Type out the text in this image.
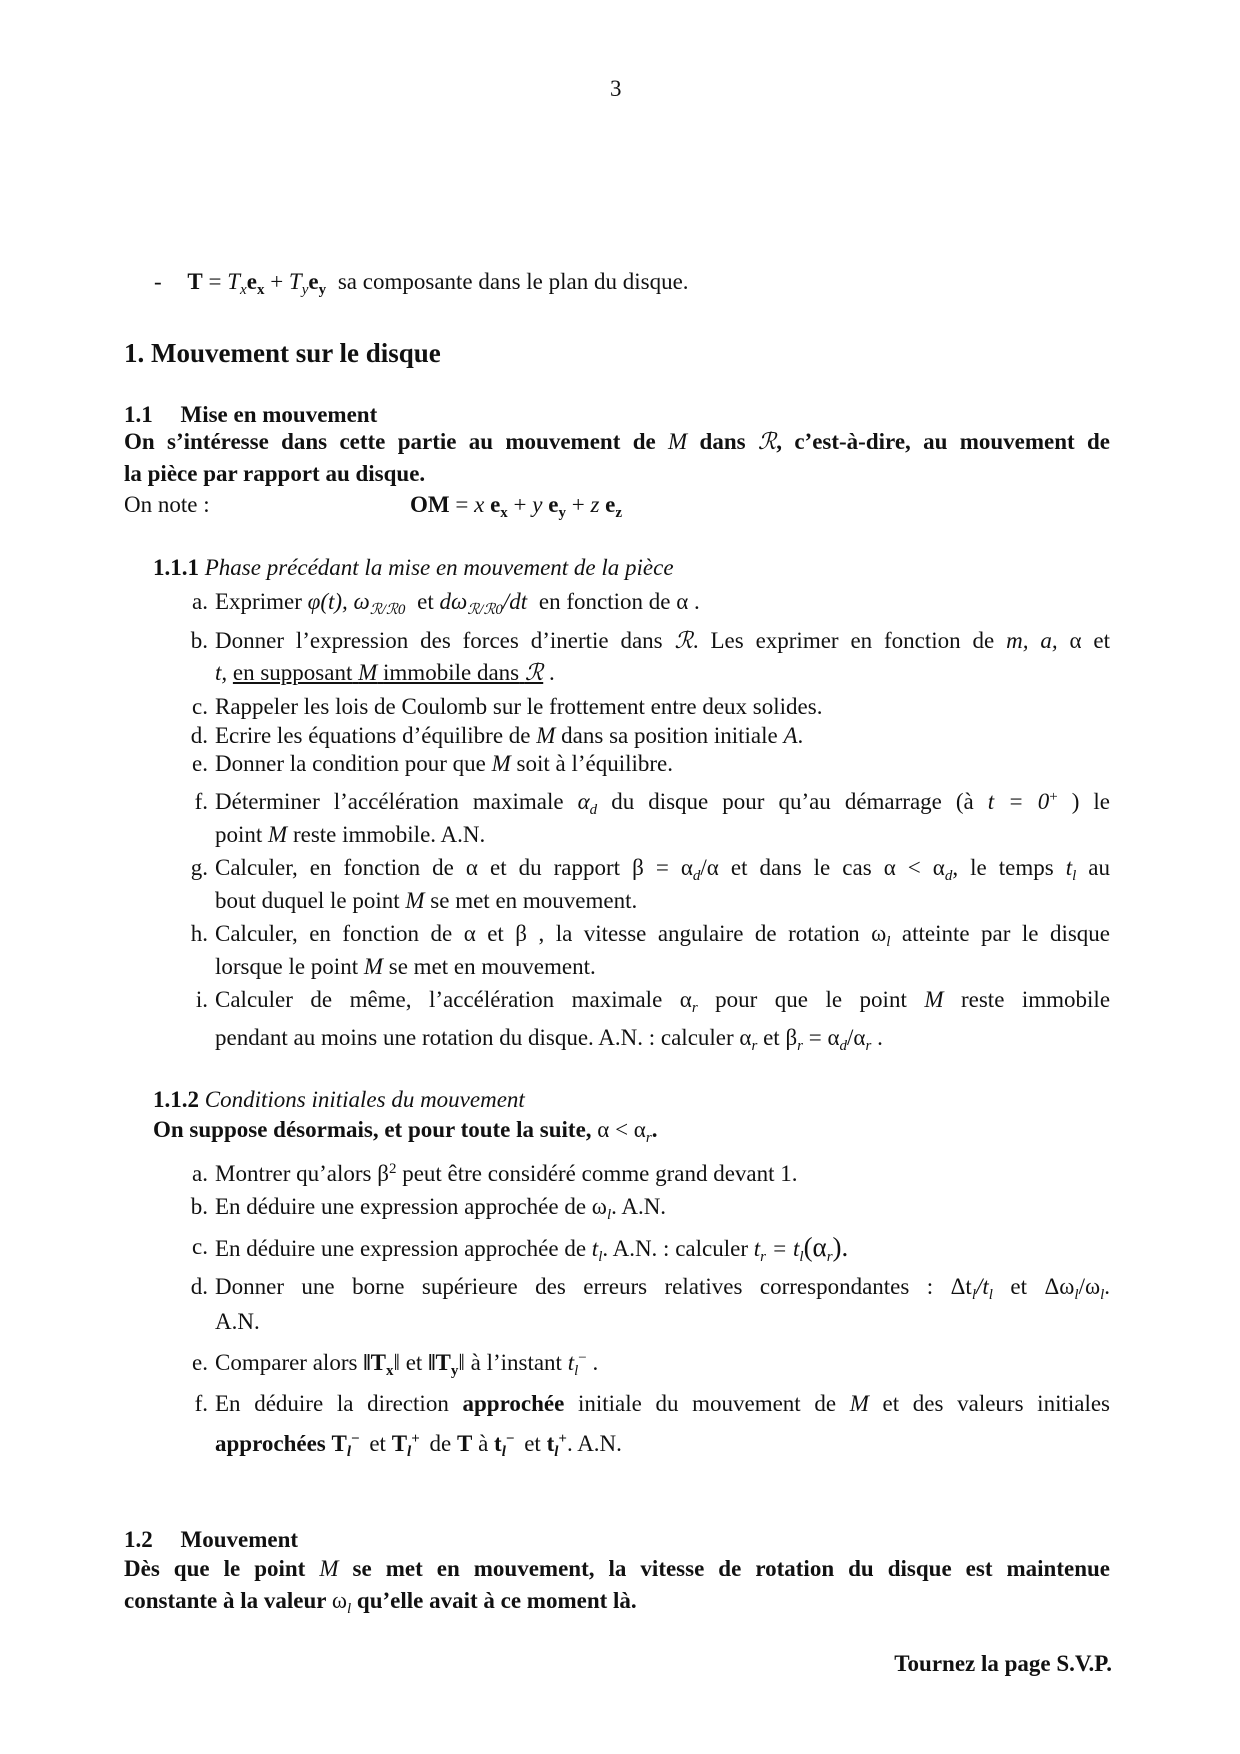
3
- $T = T_xe_x + T_ye_y$ sa composante dans le plan du disque.
1. Mouvement sur le disque
1.1 Mise en mouvement
On s’intéresse dans cette partie au mouvement de M dans ℛ, c’est-à-dire, au mouvement de
la pièce par rapport au disque.
On note :	OM = x $e_x + y$ $e_y + z$ $e_z$
1.1.1 Phase précédant la mise en mouvement de la pièce
a. Exprimer φ(t), $\omega_{ℛ/ℛ0}$ et $d\omega_{ℛ/ℛ0}/dt$ en fonction de α .
b. Donner l’expression des forces d’inertie dans ℛ. Les exprimer en fonction de m, a, α et
t, en supposant M immobile dans ℛ .
c. Rappeler les lois de Coulomb sur le frottement entre deux solides.
d. Ecrire les équations d’équilibre de M dans sa position initiale A.
e. Donner la condition pour que M soit à l’équilibre.
f. Déterminer l’accélération maximale $\alpha_d$ du disque pour qu’au démarrage (à t = 0+ ) le
point M reste immobile. A.N.
g. Calculer, en fonction de α et du rapport $\beta = \alpha_d/\alpha$ et dans le cas $\alpha < \alpha_d$, le temps $t_l$ au
bout duquel le point M se met en mouvement.
h. Calculer, en fonction de α et β , la vitesse angulaire de rotation $\omega_l$ atteinte par le disque
lorsque le point M se met en mouvement.
i. Calculer de même, l’accélération maximale $\alpha_r$ pour que le point M reste immobile
pendant au moins une rotation du disque. A.N. : calculer $\alpha_r$ et $\beta_r = \alpha_d/\alpha_r$ .
1.1.2 Conditions initiales du mouvement
On suppose désormais, et pour toute la suite, $\alpha < \alpha_r$.
a. Montrer qu’alors $\beta^2$ peut être considéré comme grand devant 1.
b. En déduire une expression approchée de $\omega_l$. A.N.
c. En déduire une expression approchée de $t_l$. A.N. : calculer $t_r = t_l(\alpha_r)$.
d. Donner une borne supérieure des erreurs relatives correspondantes : $\Delta t_l/t_l$ et $\Delta\omega_l/\omega_l$.
A.N.
e. Comparer alors $‖T_x‖$ et $‖T_y‖$ à l’instant $t_l^-$ .
f. En déduire la direction approchée initiale du mouvement de M et des valeurs initiales
approchées $T_l^-$ et $T_l^+$ de T à $t_l^-$ et $t_l^+$. A.N.
1.2 Mouvement
Dès que le point M se met en mouvement, la vitesse de rotation du disque est maintenue
constante à la valeur $\omega_l$ qu’elle avait à ce moment là.
Tournez la page S.V.P.
